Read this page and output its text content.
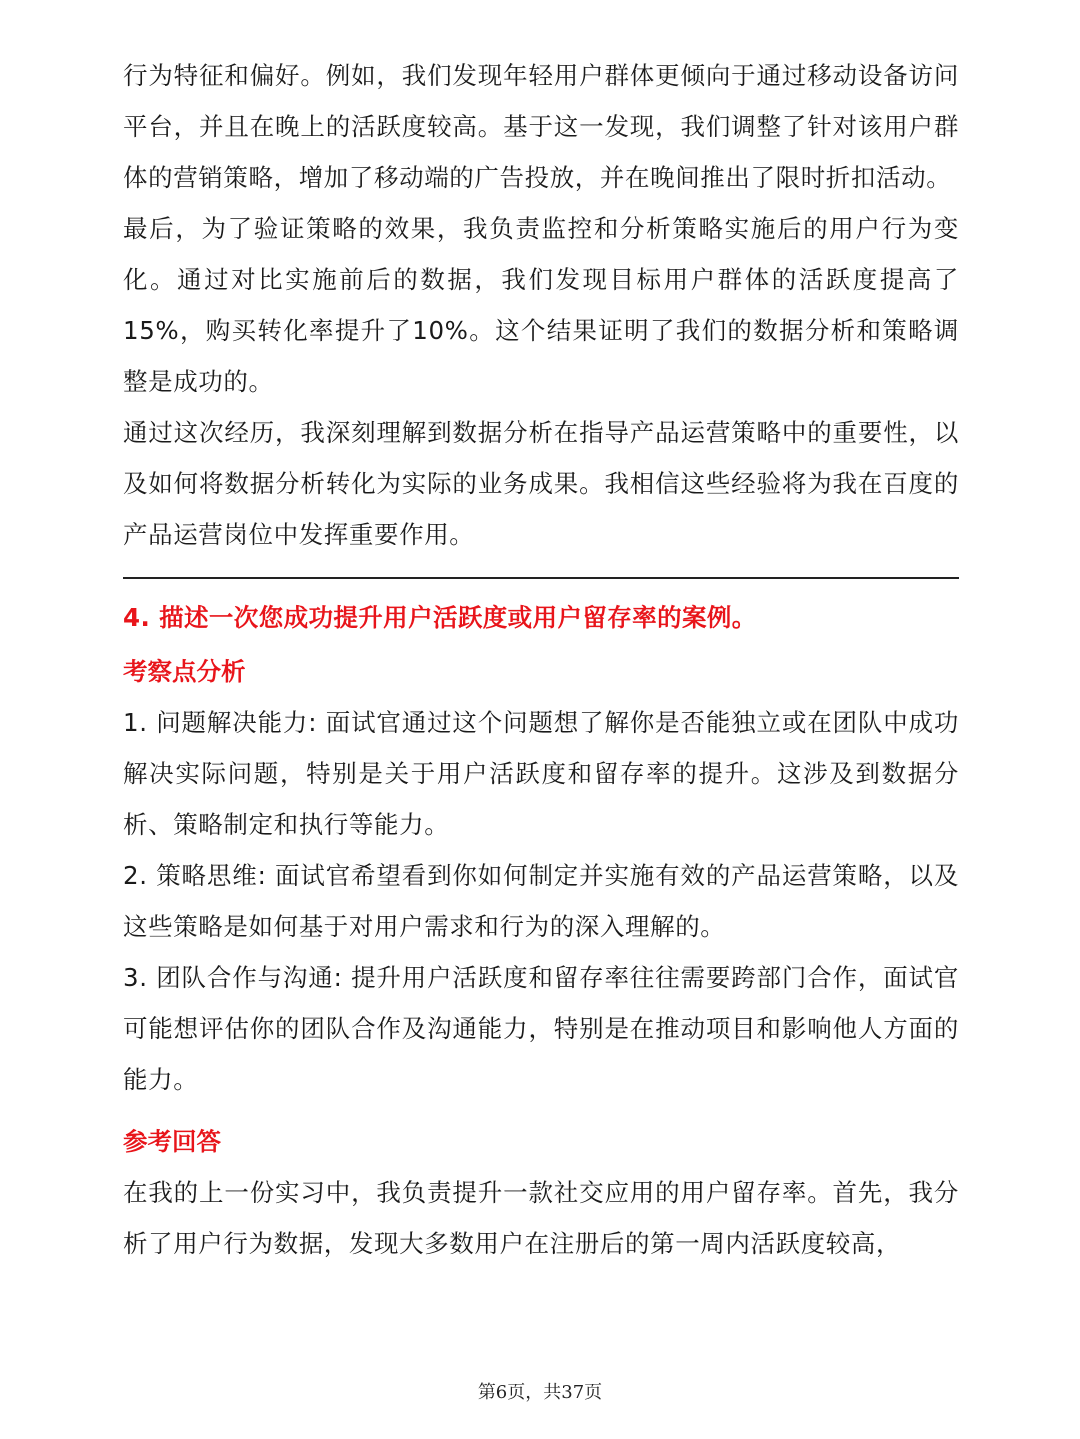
行为特征和偏好。例如，我们发现年轻用户群体更倾向于通过移动设备访问平台，并且在晚上的活跃度较高。基于这一发现，我们调整了针对该用户群体的营销策略，增加了移动端的广告投放，并在晚间推出了限时折扣活动。

最后，为了验证策略的效果，我负责监控和分析策略实施后的用户行为变化。通过对比实施前后的数据，我们发现目标用户群体的活跃度提高了15%，购买转化率提升了10%。这个结果证明了我们的数据分析和策略调整是成功的。

通过这次经历，我深刻理解到数据分析在指导产品运营策略中的重要性，以及如何将数据分析转化为实际的业务成果。我相信这些经验将为我在百度的产品运营岗位中发挥重要作用。

4. 描述一次您成功提升用户活跃度或用户留存率的案例。
考察点分析

1. 问题解决能力: 面试官通过这个问题想了解你是否能独立或在团队中成功解决实际问题，特别是关于用户活跃度和留存率的提升。这涉及到数据分析、策略制定和执行等能力。

2. 策略思维: 面试官希望看到你如何制定并实施有效的产品运营策略，以及这些策略是如何基于对用户需求和行为的深入理解的。

3. 团队合作与沟通: 提升用户活跃度和留存率往往需要跨部门合作，面试官可能想评估你的团队合作及沟通能力，特别是在推动项目和影响他人方面的能力。

参考回答

在我的上一份实习中，我负责提升一款社交应用的用户留存率。首先，我分析了用户行为数据，发现大多数用户在注册后的第一周内活跃度较高，

第6页，共37页
